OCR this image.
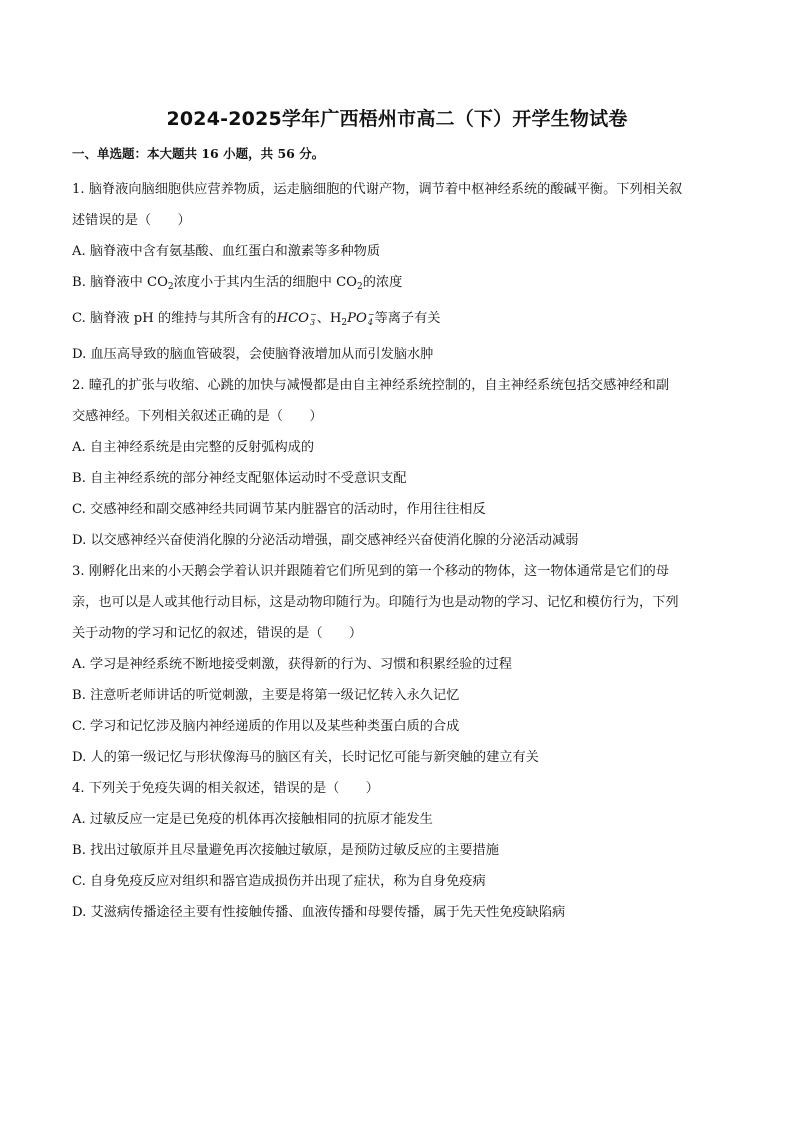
2024-2025学年广西梧州市高二（下）开学生物试卷
一、单选题：本大题共 16 小题，共 56 分。
1. 脑脊液向脑细胞供应营养物质，运走脑细胞的代谢产物，调节着中枢神经系统的酸碱平衡。下列相关叙
述错误的是（　　）
A. 脑脊液中含有氨基酸、血红蛋白和激素等多种物质
B. 脑脊液中 $CO_2$浓度小于其内生活的细胞中 $CO_2$的浓度
C. 脑脊液 pH 的维持与其所含有的HCO −
3 、$H_2PO$ −
4 等离子有关
D. 血压高导致的脑血管破裂，会使脑脊液增加从而引发脑水肿
2. 瞳孔的扩张与收缩、心跳的加快与减慢都是由自主神经系统控制的，自主神经系统包括交感神经和副
交感神经。下列相关叙述正确的是（　　）
A. 自主神经系统是由完整的反射弧构成的
B. 自主神经系统的部分神经支配躯体运动时不受意识支配
C. 交感神经和副交感神经共同调节某内脏器官的活动时，作用往往相反
D. 以交感神经兴奋使消化腺的分泌活动增强，副交感神经兴奋使消化腺的分泌活动减弱
3. 刚孵化出来的小天鹅会学着认识并跟随着它们所见到的第一个移动的物体，这一物体通常是它们的母
亲，也可以是人或其他行动目标，这是动物印随行为。印随行为也是动物的学习、记忆和模仿行为，下列
关于动物的学习和记忆的叙述，错误的是（　　）
A. 学习是神经系统不断地接受刺激，获得新的行为、习惯和积累经验的过程
B. 注意听老师讲话的听觉刺激，主要是将第一级记忆转入永久记忆
C. 学习和记忆涉及脑内神经递质的作用以及某些种类蛋白质的合成
D. 人的第一级记忆与形状像海马的脑区有关，长时记忆可能与新突触的建立有关
4. 下列关于免疫失调的相关叙述，错误的是（　　）
A. 过敏反应一定是已免疫的机体再次接触相同的抗原才能发生
B. 找出过敏原并且尽量避免再次接触过敏原，是预防过敏反应的主要措施
C. 自身免疫反应对组织和器官造成损伤并出现了症状，称为自身免疫病
D. 艾滋病传播途径主要有性接触传播、血液传播和母婴传播，属于先天性免疫缺陷病
